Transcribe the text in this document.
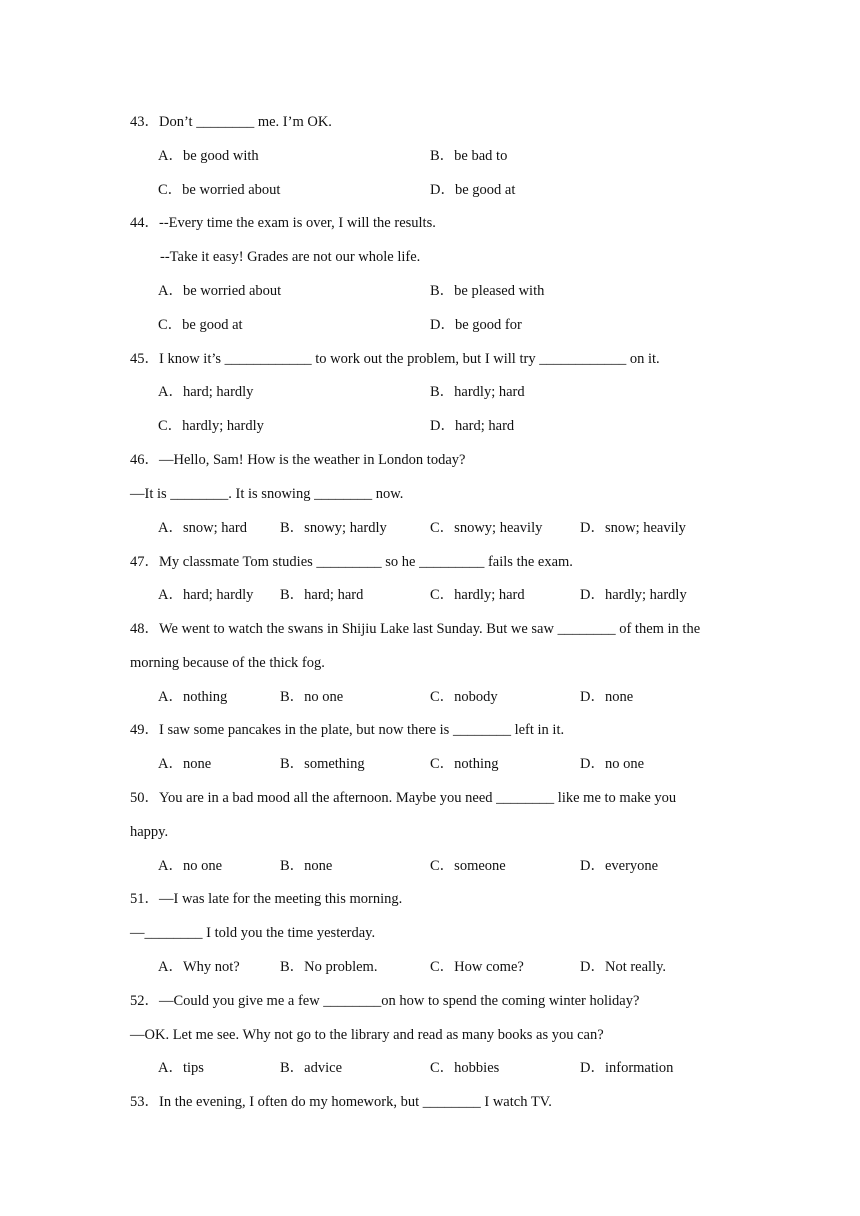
43．Don’t ________ me. I’m OK.
A．be good with	B．be bad to
C．be worried about	D．be good at
44．--Every time the exam is over, I will the results.
--Take it easy! Grades are not our whole life.
A．be worried about	B．be pleased with
C．be good at	D．be good for
45．I know it’s ____________ to work out the problem, but I will try ____________ on it.
A．hard; hardly	B．hardly; hard
C．hardly; hardly	D．hard; hard
46．—Hello, Sam! How is the weather in London today?
—It is ________. It is snowing ________ now.
A．snow; hard B．snowy; hardly	C．snowy; heavily	D．snow; heavily
47．My classmate Tom studies _________ so he _________ fails the exam.
A．hard; hardly B．hard; hard	C．hardly; hard	D．hardly; hardly
48．We went to watch the swans in Shijiu Lake last Sunday. But we saw ________ of them in the
morning because of the thick fog.
A．nothing	B．no one	C．nobody	D．none
49．I saw some pancakes in the plate, but now there is ________ left in it.
A．none	B．something	C．nothing	D．no one
50．You are in a bad mood all the afternoon. Maybe you need ________ like me to make you
happy.
A．no one	B．none	C．someone	D．everyone
51．—I was late for the meeting this morning.
—________ I told you the time yesterday.
A．Why not?	B．No problem.	C．How come?	D．Not really.
52．—Could you give me a few ________on how to spend the coming winter holiday?
—OK. Let me see. Why not go to the library and read as many books as you can?
A．tips	B．advice	C．hobbies	D．information
53．In the evening, I often do my homework, but ________ I watch TV.
